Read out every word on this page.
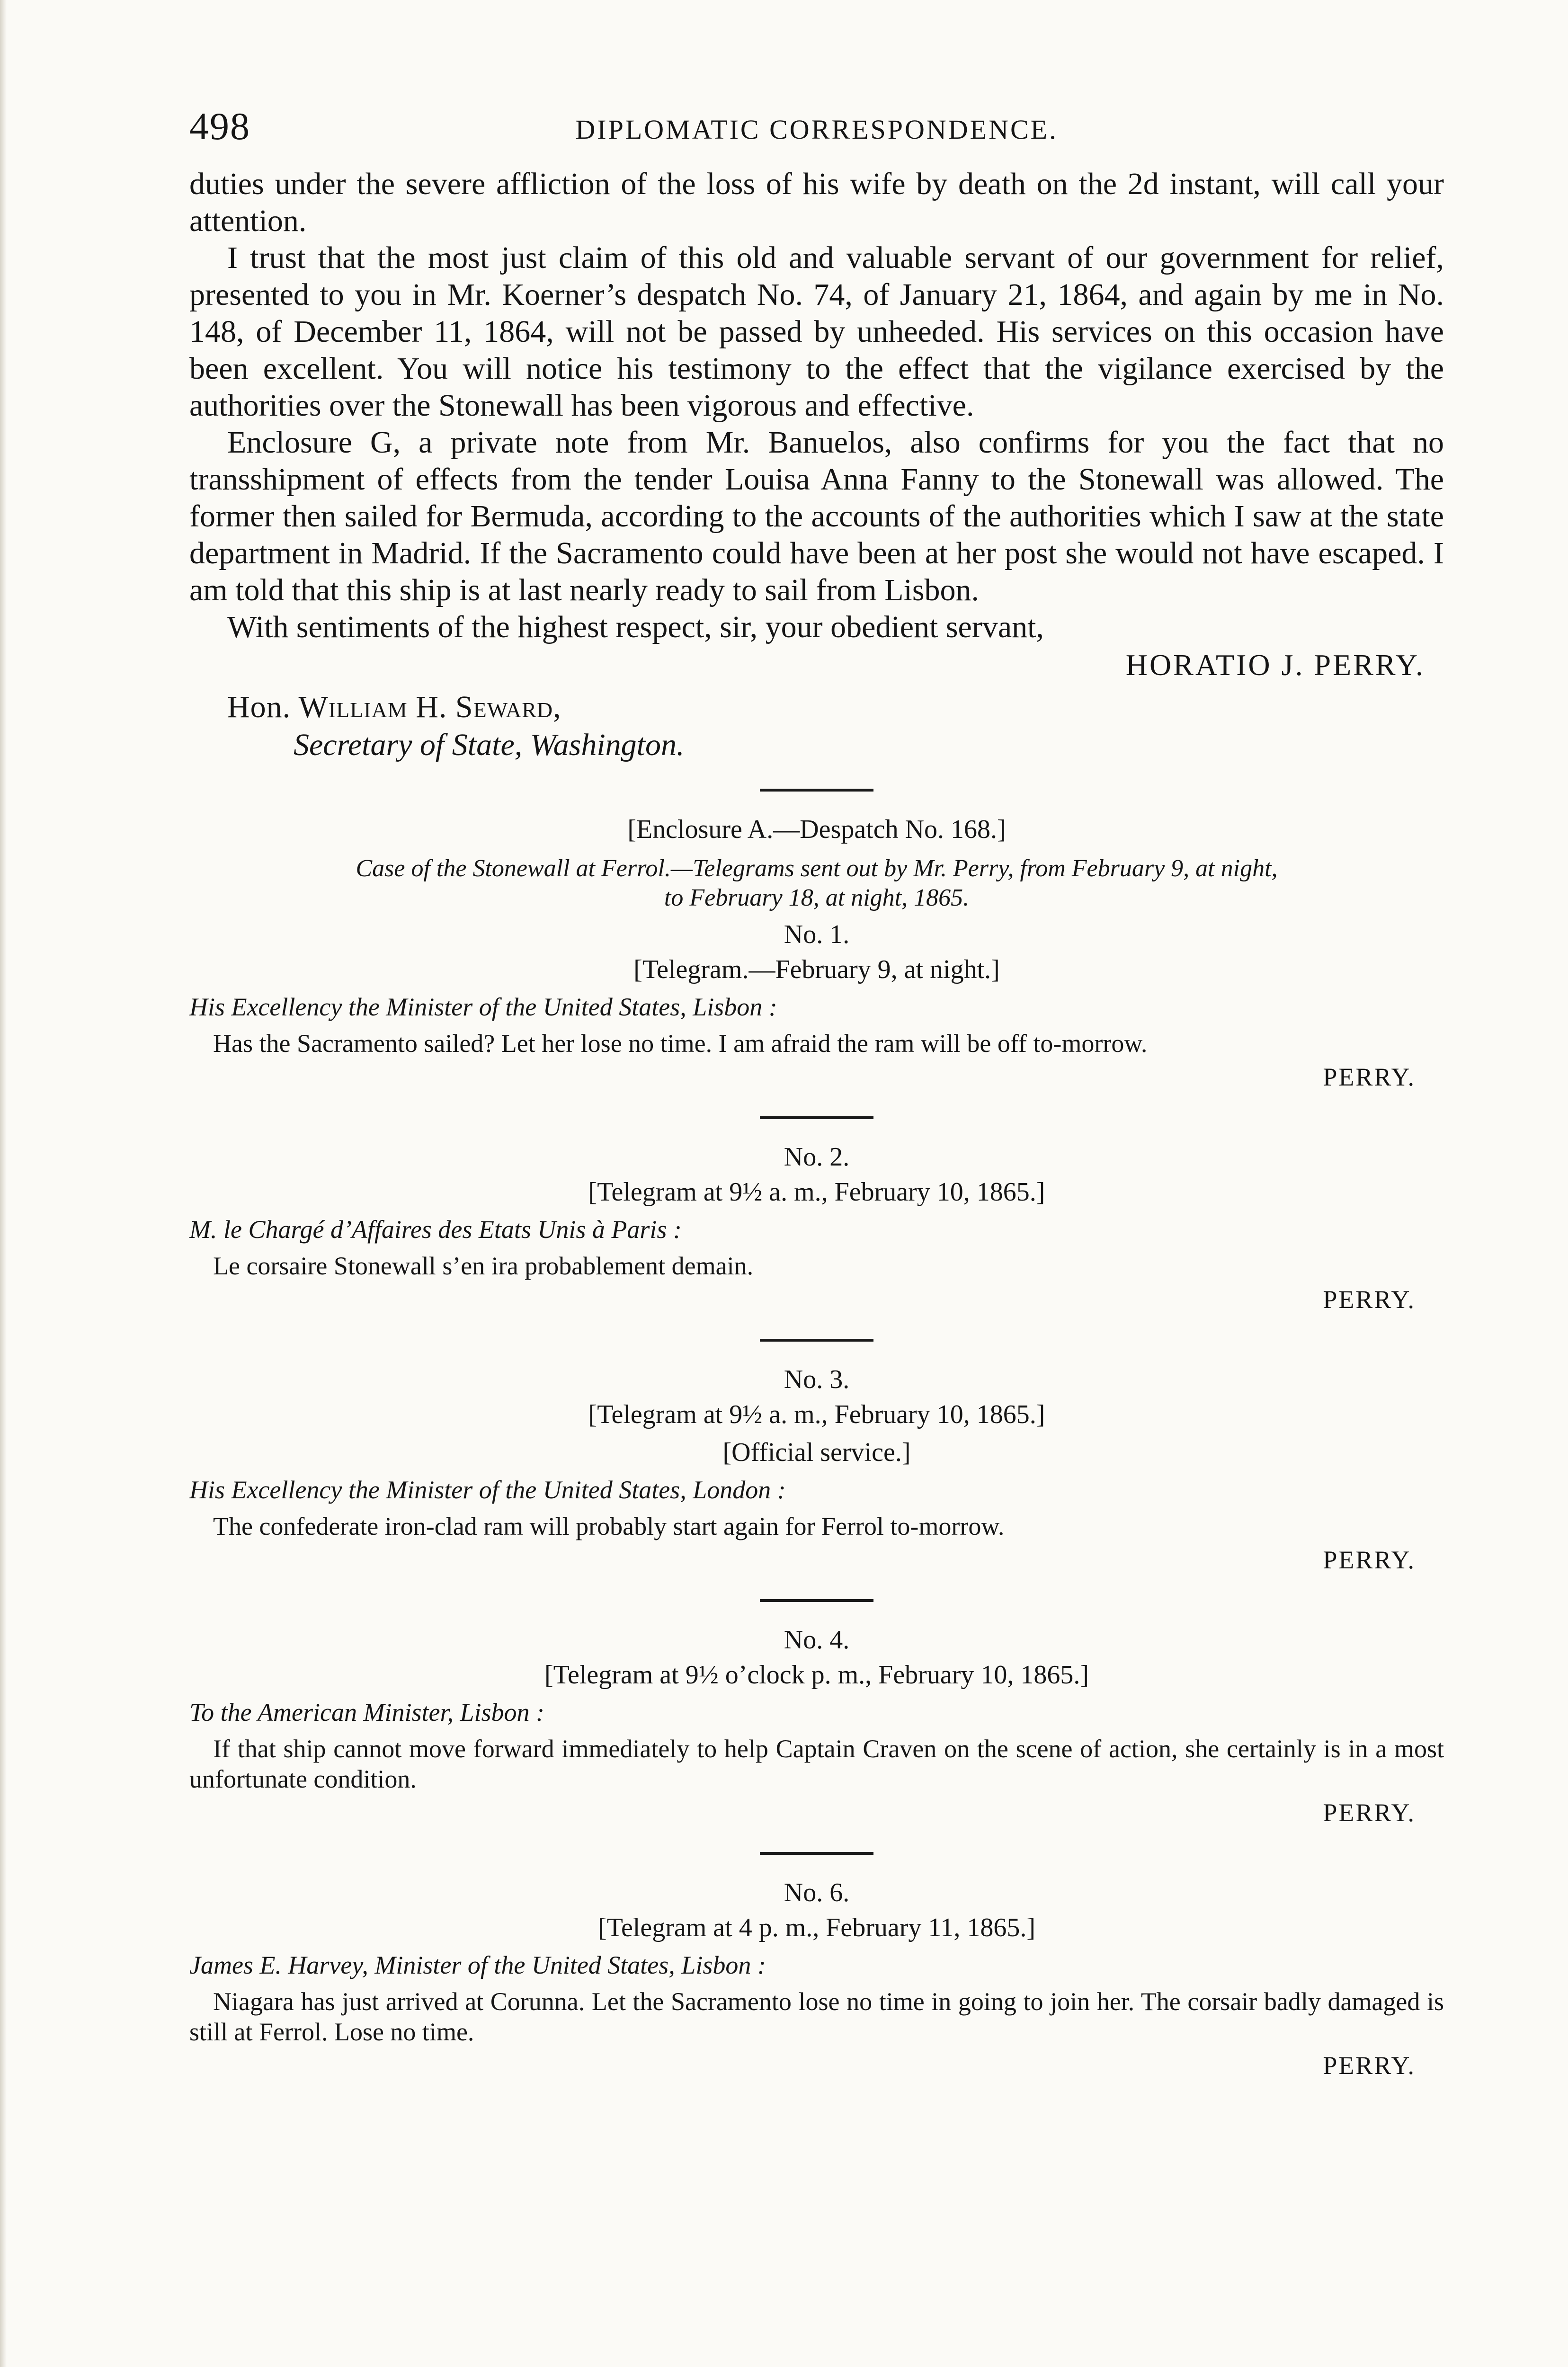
498	DIPLOMATIC CORRESPONDENCE.

duties under the severe affliction of the loss of his wife by death on the 2d instant, will call your attention.

I trust that the most just claim of this old and valuable servant of our government for relief, presented to you in Mr. Koerner’s despatch No. 74, of January 21, 1864, and again by me in No. 148, of December 11, 1864, will not be passed by unheeded. His services on this occasion have been excellent. You will notice his testimony to the effect that the vigilance exercised by the authorities over the Stonewall has been vigorous and effective.

Enclosure G, a private note from Mr. Banuelos, also confirms for you the fact that no transshipment of effects from the tender Louisa Anna Fanny to the Stonewall was allowed. The former then sailed for Bermuda, according to the accounts of the authorities which I saw at the state department in Madrid. If the Sacramento could have been at her post she would not have escaped. I am told that this ship is at last nearly ready to sail from Lisbon.

With sentiments of the highest respect, sir, your obedient servant,

HORATIO J. PERRY.
Hon. William H. Seward,
Secretary of State, Washington.
[Enclosure A.—Despatch No. 168.]
Case of the Stonewall at Ferrol.—Telegrams sent out by Mr. Perry, from February 9, at night,
to February 18, at night, 1865.
No. 1.
[Telegram.—February 9, at night.]
His Excellency the Minister of the United States, Lisbon :

Has the Sacramento sailed? Let her lose no time. I am afraid the ram will be off to-morrow.

PERRY.
No. 2.
[Telegram at 9½ a. m., February 10, 1865.]
M. le Chargé d’Affaires des Etats Unis à Paris :

Le corsaire Stonewall s’en ira probablement demain.

PERRY.
No. 3.
[Telegram at 9½ a. m., February 10, 1865.]
[Official service.]
His Excellency the Minister of the United States, London :

The confederate iron-clad ram will probably start again for Ferrol to-morrow.

PERRY.
No. 4.
[Telegram at 9½ o’clock p. m., February 10, 1865.]
To the American Minister, Lisbon :

If that ship cannot move forward immediately to help Captain Craven on the scene of action, she certainly is in a most unfortunate condition.

PERRY.
No. 6.
[Telegram at 4 p. m., February 11, 1865.]
James E. Harvey, Minister of the United States, Lisbon :

Niagara has just arrived at Corunna. Let the Sacramento lose no time in going to join her. The corsair badly damaged is still at Ferrol. Lose no time.

PERRY.
